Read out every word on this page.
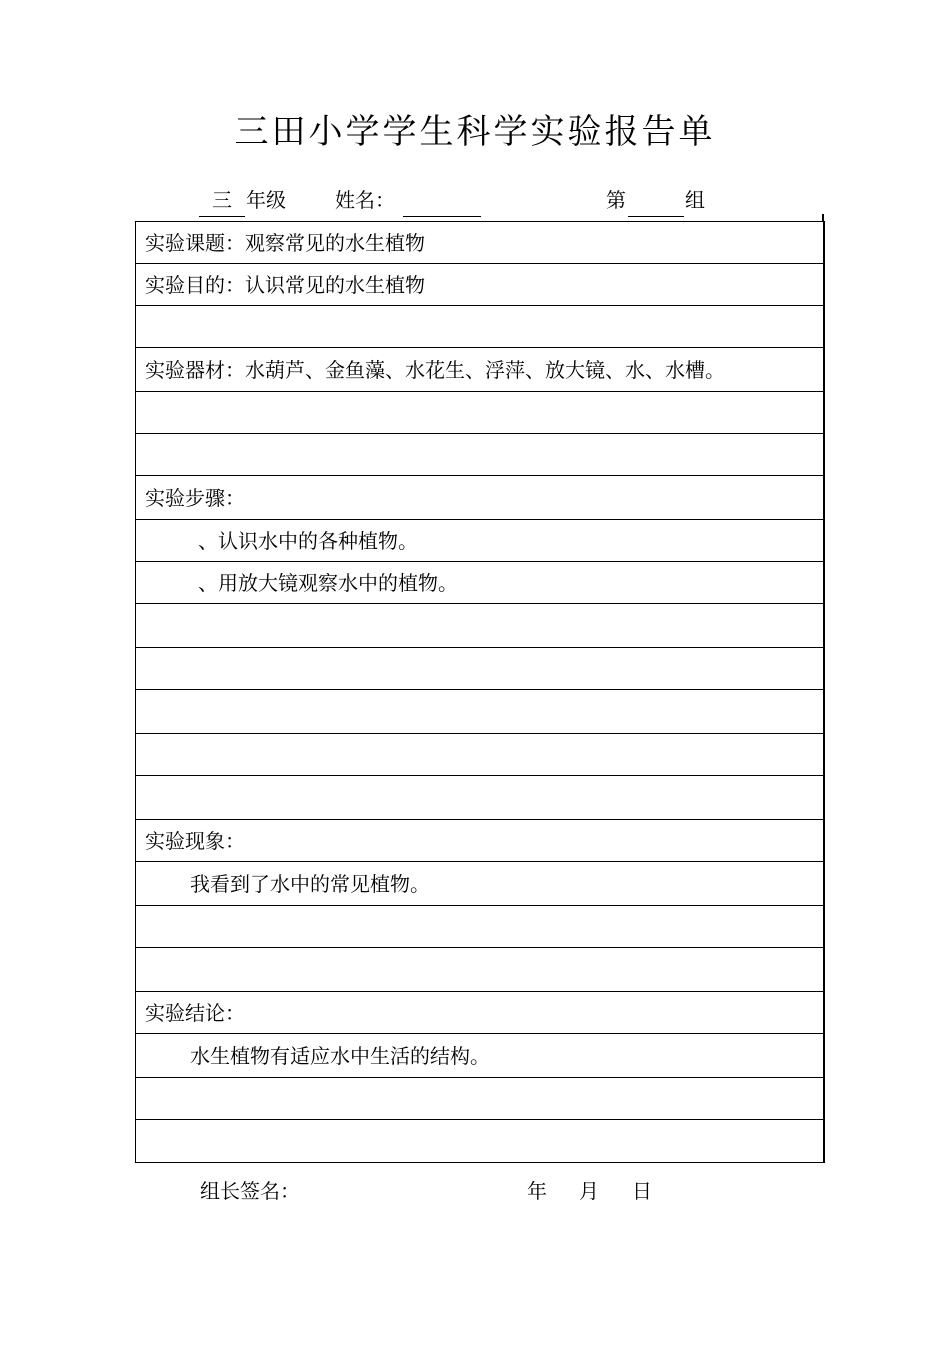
三田小学学生科学实验报告单
三 年级 姓名：	第	组
实验课题：观察常见的水生植物
实验目的：认识常见的水生植物
实验器材：水葫芦、金鱼藻、水花生、浮萍、放大镜、水、水槽。
实验步骤：
、认识水中的各种植物。
、用放大镜观察水中的植物。
实验现象：
我看到了水中的常见植物。
实验结论：
水生植物有适应水中生活的结构。
组长签名：	年 月 日
